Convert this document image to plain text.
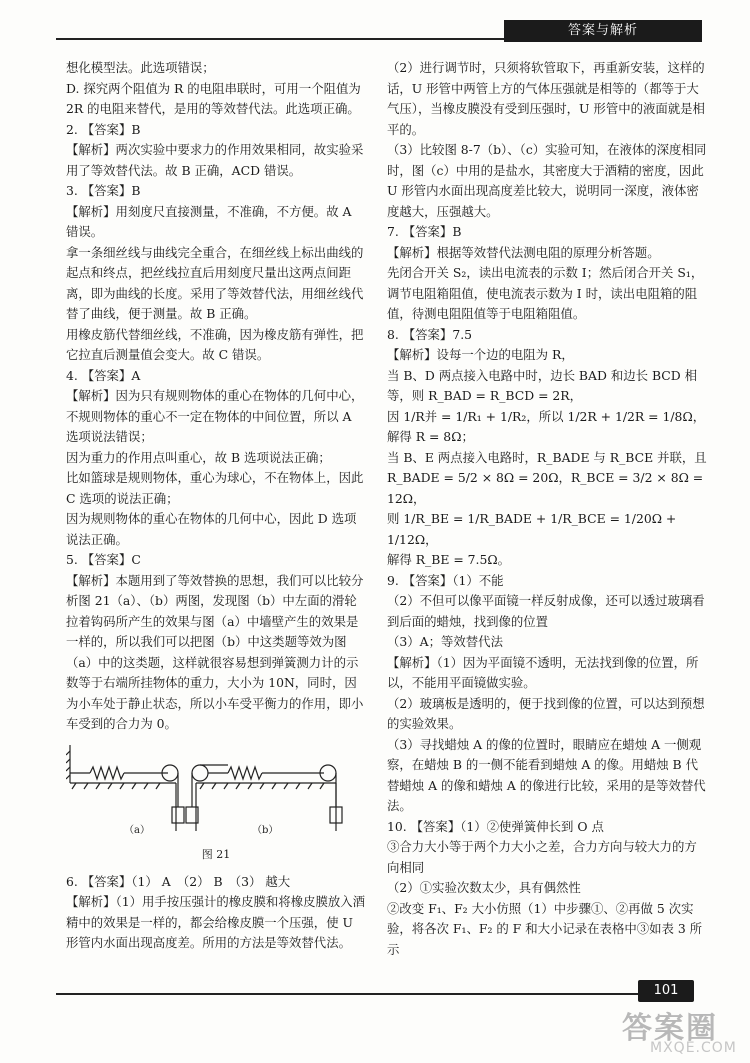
答案与解析

想化模型法。此选项错误；

D. 探究两个阻值为 R 的电阻串联时，可用一个阻值为 2R 的电阻来替代，是用的等效替代法。此选项正确。

2. 【答案】B

【解析】两次实验中要求力的作用效果相同，故实验采用了等效替代法。故 B 正确，ACD 错误。

3. 【答案】B

【解析】用刻度尺直接测量，不准确，不方便。故 A 错误。

拿一条细丝线与曲线完全重合，在细丝线上标出曲线的起点和终点，把丝线拉直后用刻度尺量出这两点间距离，即为曲线的长度。采用了等效替代法，用细丝线代替了曲线，便于测量。故 B 正确。

用橡皮筋代替细丝线，不准确，因为橡皮筋有弹性，把它拉直后测量值会变大。故 C 错误。

4. 【答案】A

【解析】因为只有规则物体的重心在物体的几何中心，不规则物体的重心不一定在物体的中间位置，所以 A 选项说法错误；

因为重力的作用点叫重心，故 B 选项说法正确；

比如篮球是规则物体，重心为球心，不在物体上，因此 C 选项的说法正确；

因为规则物体的重心在物体的几何中心，因此 D 选项说法正确。

5. 【答案】C

【解析】本题用到了等效替换的思想，我们可以比较分析图 21（a）、（b）两图，发现图（b）中左面的滑轮拉着钩码所产生的效果与图（a）中墙壁产生的效果是一样的，所以我们可以把图（b）中这类题等效为图（a）中的这类题，这样就很容易想到弹簧测力计的示数等于右端所挂物体的重力，大小为 10N，同时，因为小车处于静止状态，所以小车受平衡力的作用，即小车受到的合力为 0。

（a）	（b）
图 21

6. 【答案】（1） A　（2） B　（3） 越大

【解析】（1）用手按压强计的橡皮膜和将橡皮膜放入酒精中的效果是一样的，都会给橡皮膜一个压强，使 U 形管内水面出现高度差。所用的方法是等效替代法。

（2）进行调节时，只须将软管取下，再重新安装，这样的话，U 形管中两管上方的气体压强就是相等的（都等于大气压），当橡皮膜没有受到压强时，U 形管中的液面就是相平的。

（3）比较图 8-7（b）、（c）实验可知，在液体的深度相同时，图（c）中用的是盐水，其密度大于酒精的密度，因此 U 形管内水面出现高度差比较大，说明同一深度，液体密度越大，压强越大。

7. 【答案】B

【解析】根据等效替代法测电阻的原理分析答题。

先闭合开关 S₂，读出电流表的示数 I；然后闭合开关 S₁，调节电阻箱阻值，使电流表示数为 I 时，读出电阻箱的阻值，待测电阻阻值等于电阻箱阻值。

8. 【答案】7.5

【解析】设每一个边的电阻为 R，

当 B、D 两点接入电路中时，边长 BAD 和边长 BCD 相等，则 R_BAD = R_BCD = 2R，

因 1/R并 = 1/R₁ + 1/R₂，所以 1/2R + 1/2R = 1/8Ω，

解得 R = 8Ω；

当 B、E 两点接入电路时，R_BADE 与 R_BCE 并联，且

R_BADE = 5/2 × 8Ω = 20Ω，R_BCE = 3/2 × 8Ω = 12Ω，

则 1/R_BE = 1/R_BADE + 1/R_BCE = 1/20Ω + 1/12Ω，

解得 R_BE = 7.5Ω。

9. 【答案】（1）不能

（2）不但可以像平面镜一样反射成像，还可以透过玻璃看到后面的蜡烛，找到像的位置

（3）A；等效替代法

【解析】（1）因为平面镜不透明，无法找到像的位置，所以，不能用平面镜做实验。

（2）玻璃板是透明的，便于找到像的位置，可以达到预想的实验效果。

（3）寻找蜡烛 A 的像的位置时，眼睛应在蜡烛 A 一侧观察，在蜡烛 B 的一侧不能看到蜡烛 A 的像。用蜡烛 B 代替蜡烛 A 的像和蜡烛 A 的像进行比较，采用的是等效替代法。

10. 【答案】（1）②使弹簧伸长到 O 点

③合力大小等于两个力大小之差，合力方向与较大力的方向相同

（2）①实验次数太少，具有偶然性

②改变 F₁、F₂ 大小仿照（1）中步骤①、②再做 5 次实验，将各次 F₁、F₂ 的 F 和大小记录在表格中③如表 3 所示

101
答案圈
MXQE.COM
